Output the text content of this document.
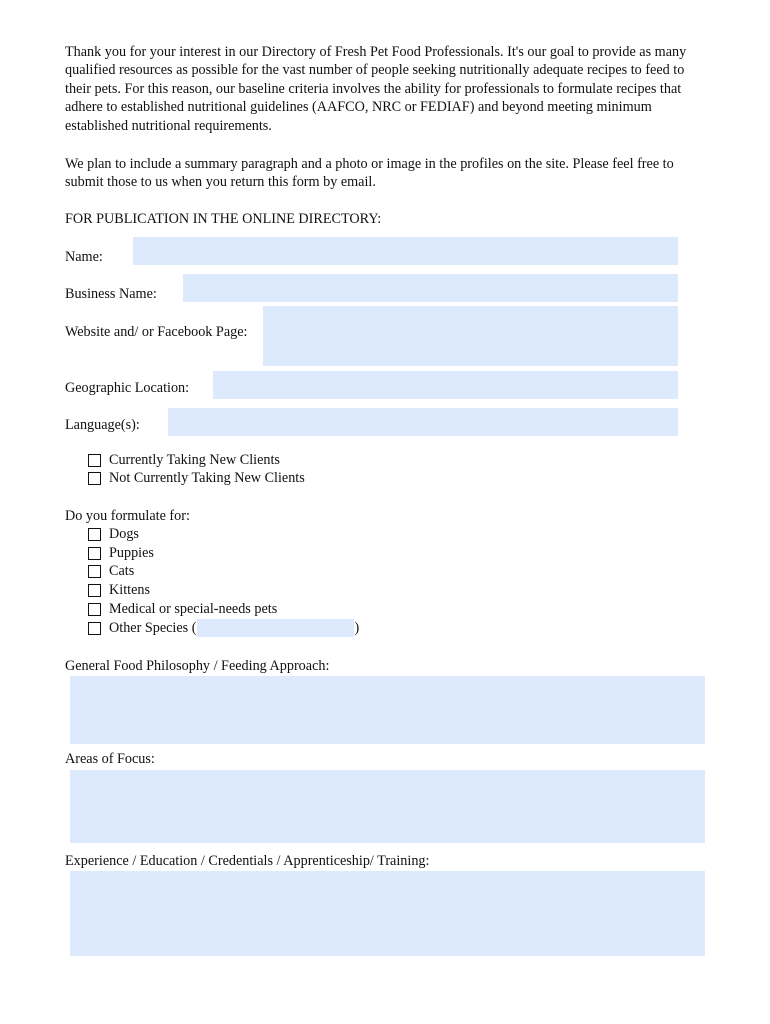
Thank you for your interest in our Directory of Fresh Pet Food Professionals. It's our goal to provide as many qualified resources as possible for the vast number of people seeking nutritionally adequate recipes to feed to their pets. For this reason, our baseline criteria involves the ability for professionals to formulate recipes that adhere to established nutritional guidelines (AAFCO, NRC or FEDIAF) and beyond meeting minimum established nutritional requirements.

We plan to include a summary paragraph and a photo or image in the profiles on the site. Please feel free to submit those to us when you return this form by email.

FOR PUBLICATION IN THE ONLINE DIRECTORY:
Name:
Business Name:
Website and/ or Facebook Page:
Geographic Location:
Language(s):
Currently Taking New Clients
Not Currently Taking New Clients
Do you formulate for:
Dogs
Puppies
Cats
Kittens
Medical or special-needs pets
Other Species (	)
General Food Philosophy / Feeding Approach:
Areas of Focus:
Experience / Education / Credentials / Apprenticeship/ Training:
